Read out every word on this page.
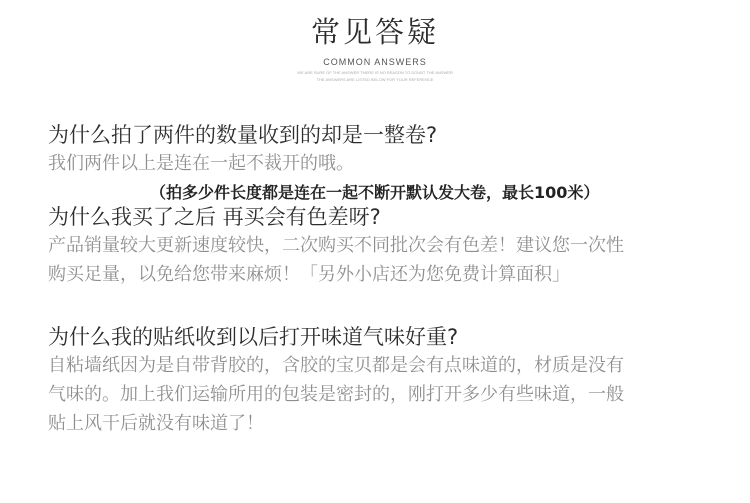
常见答疑
COMMON ANSWERS
WE ARE SURE OF THE ANSWER THERE IS NO REASON TO DOUBT THE ANSWER
THE ANSWERS ARE LISTED BELOW FOR YOUR REFERENCE
为什么拍了两件的数量收到的却是一整卷?
我们两件以上是连在一起不裁开的哦。
（拍多少件长度都是连在一起不断开默认发大卷，最长100米）
为什么我买了之后 再买会有色差呀?
产品销量较大更新速度较快，二次购买不同批次会有色差！建议您一次性
购买足量，以免给您带来麻烦！「另外小店还为您免费计算面积」
为什么我的贴纸收到以后打开味道气味好重?
自粘墙纸因为是自带背胶的，含胶的宝贝都是会有点味道的，材质是没有
气味的。加上我们运输所用的包装是密封的，刚打开多少有些味道，一般
贴上风干后就没有味道了！
